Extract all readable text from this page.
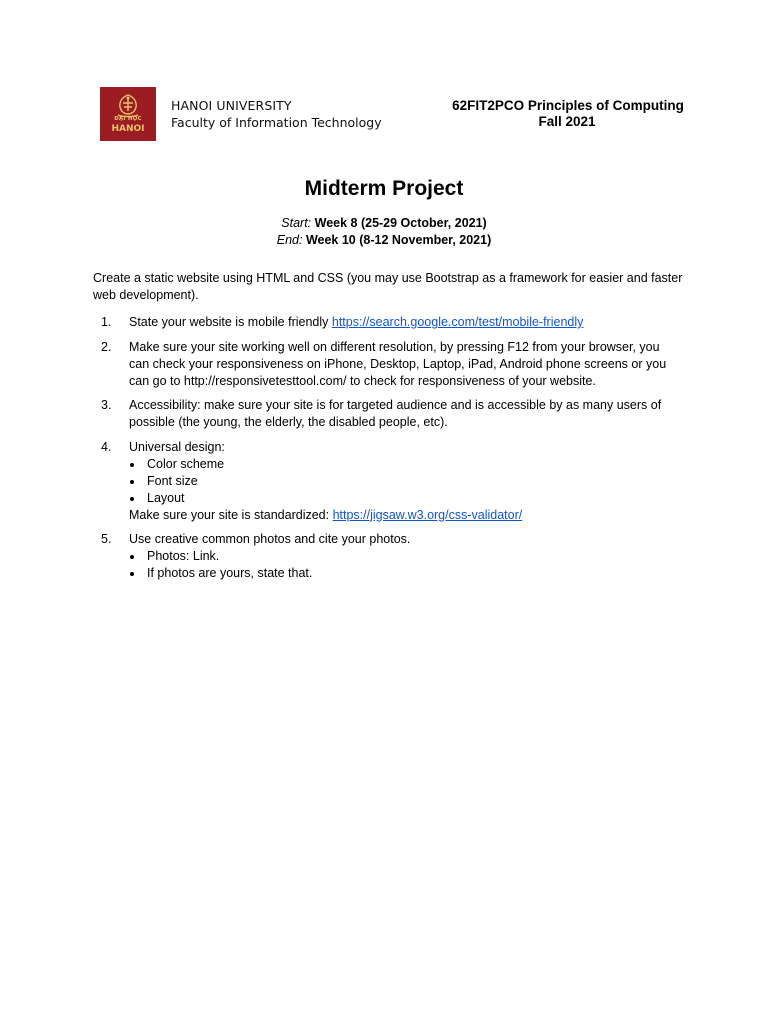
ĐẠI HỌC
HANOI
HANOI UNIVERSITY
Faculty of Information Technology
62FIT2PCO Principles of Computing
Fall 2021
Midterm Project
Start: Week 8 (25-29 October, 2021)
End: Week 10 (8-12 November, 2021)
Create a static website using HTML and CSS (you may use Bootstrap as a framework for easier and faster web development).
1. State your website is mobile friendly https://search.google.com/test/mobile-friendly
2. Make sure your site working well on different resolution, by pressing F12 from your browser, you can check your responsiveness on iPhone, Desktop, Laptop, iPad, Android phone screens or you can go to http://responsivetesttool.com/ to check for responsiveness of your website.
3. Accessibility: make sure your site is for targeted audience and is accessible by as many users of possible (the young, the elderly, the disabled people, etc).
4. Universal design:
Color scheme
Font size
Layout
Make sure your site is standardized: https://jigsaw.w3.org/css-validator/
5. Use creative common photos and cite your photos.
Photos: Link.
If photos are yours, state that.
